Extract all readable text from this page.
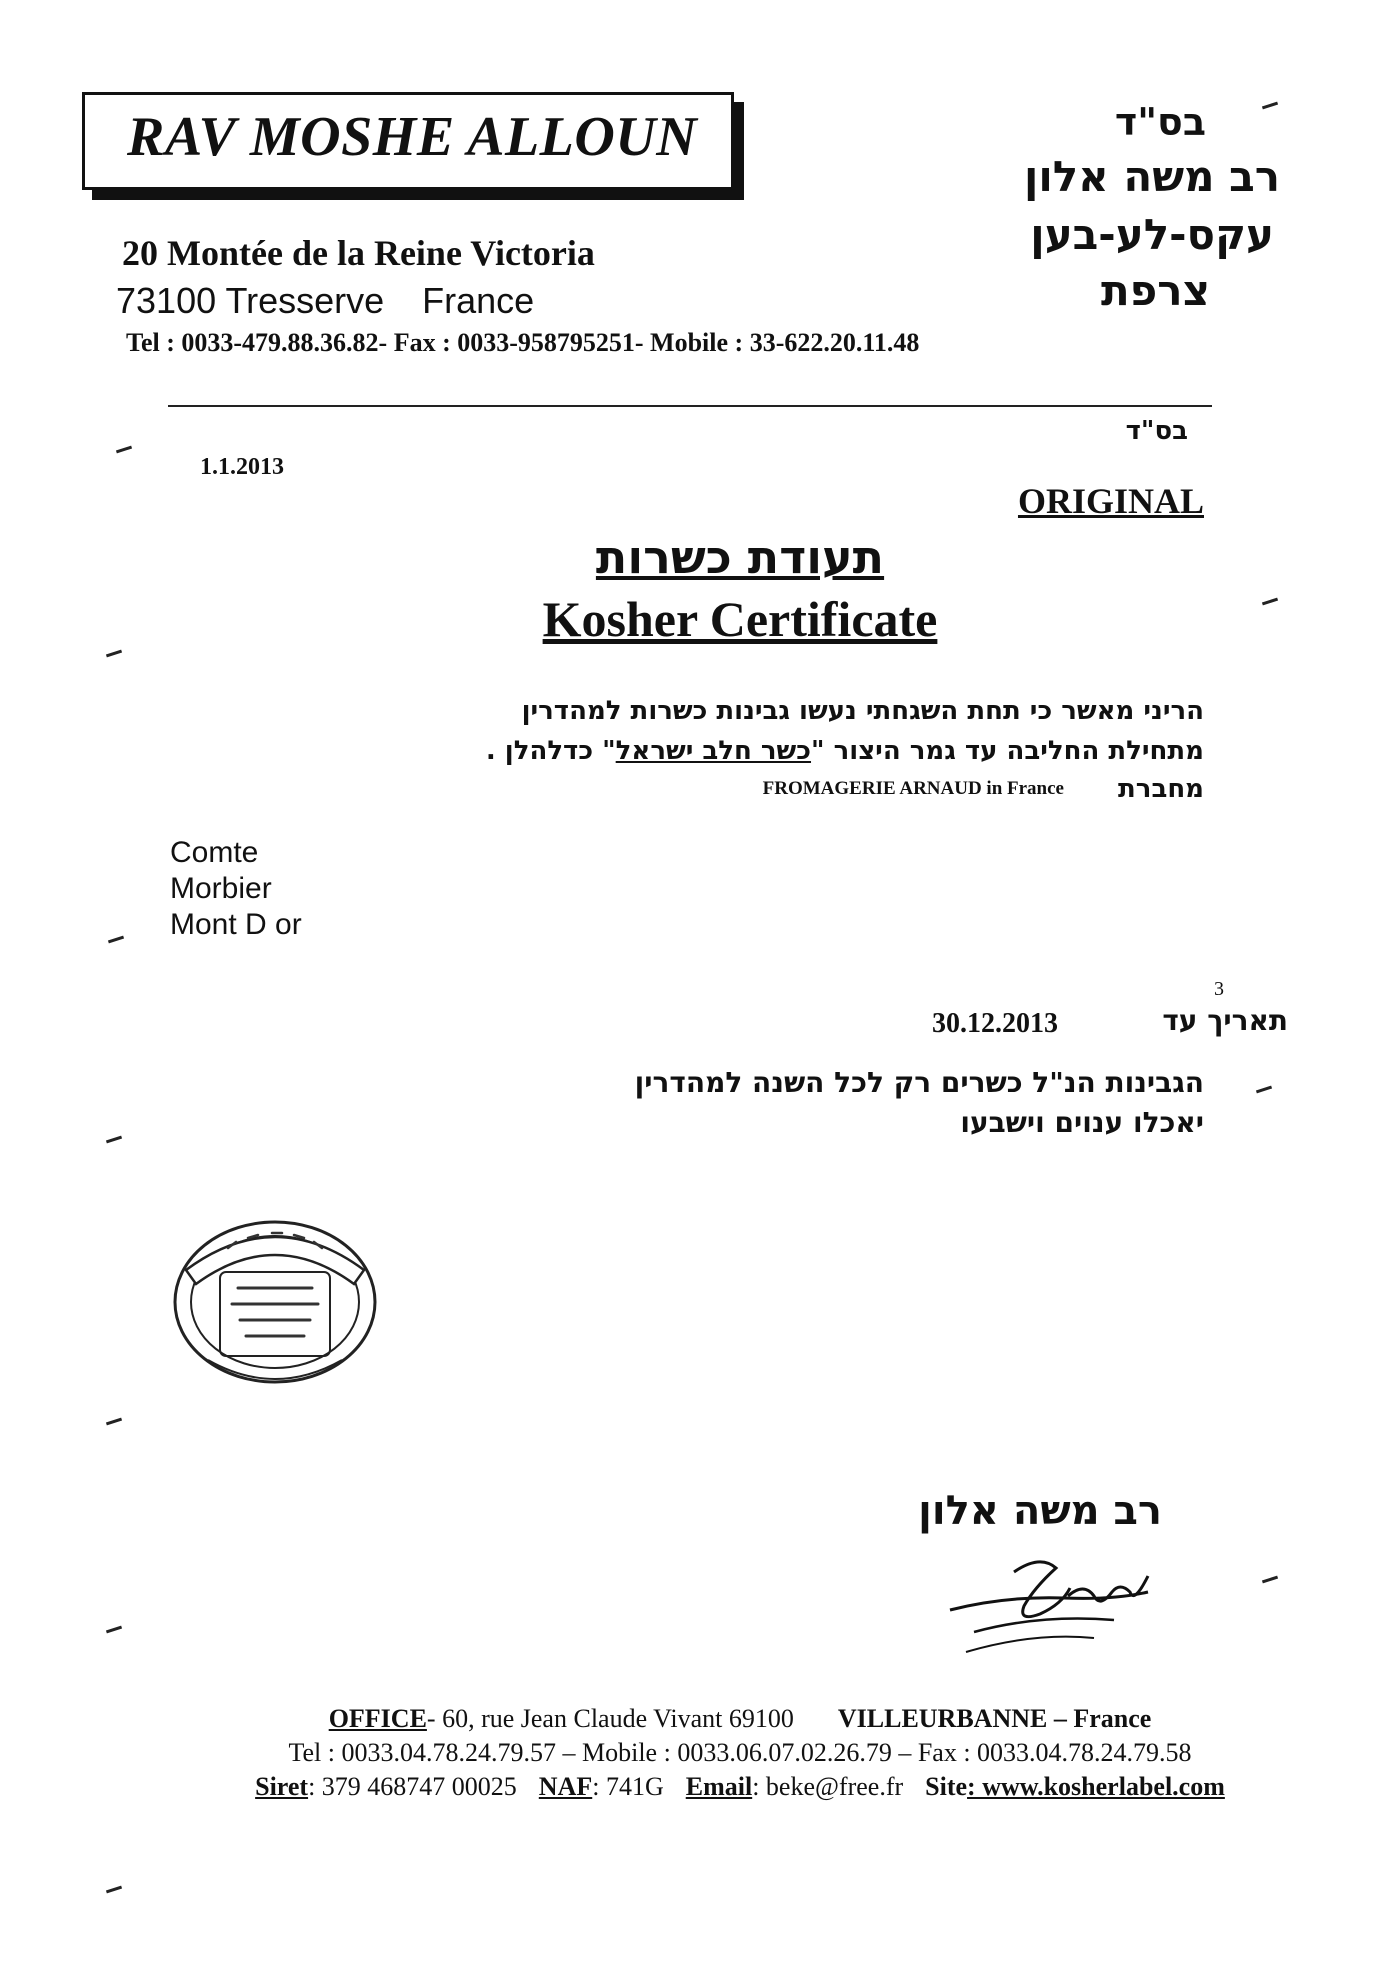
RAV MOSHE ALLOUN
20 Montée de la Reine Victoria
73100 Tresserve France
Tel : 0033-479.88.36.82- Fax : 0033-958795251- Mobile : 33-622.20.11.48
בס"ד
רב משה אלון
עקס-לע-בען
צרפת
בס"ד
1.1.2013
ORIGINAL
תעודת כשרות
Kosher Certificate
הריני מאשר כי תחת השגחתי נעשו גבינות כשרות למהדרין
מתחילת החליבה עד גמר היצור "כשר חלב ישראל" כדלהלן .
FROMAGERIE ARNAUD in France מחברת
Comte
Morbier
Mont D or
3
תאריך עד
30.12.2013
הגבינות הנ"ל כשרים רק לכל השנה למהדרין
יאכלו ענוים וישבעו
רב משה אלון
OFFICE- 60, rue Jean Claude Vivant 69100 VILLEURBANNE – France
Tel : 0033.04.78.24.79.57 – Mobile : 0033.06.07.02.26.79 – Fax : 0033.04.78.24.79.58
Siret: 379 468747 00025 NAF: 741G Email: beke@free.fr Site: www.kosherlabel.com
